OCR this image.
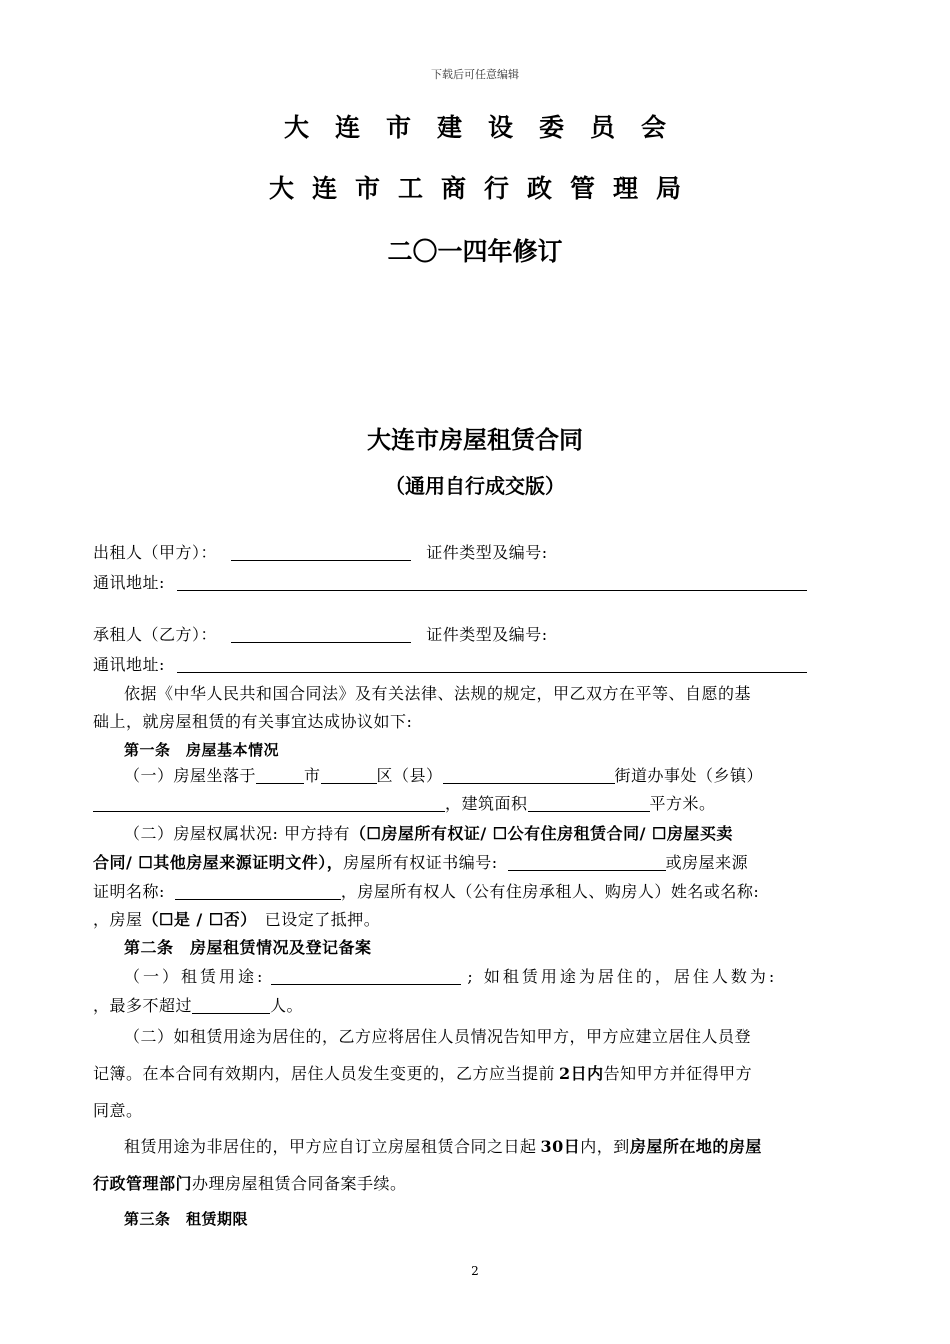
下载后可任意编辑
大连市建设委员会
大连市工商行政管理局
二〇一四年修订
大连市房屋租赁合同
（通用自行成交版）
出租人（甲方）：	证件类型及编号:
通讯地址:
承租人（乙方）：	证件类型及编号:
通讯地址:
依据《中华人民共和国合同法》及有关法律、法规的规定，甲乙双方在平等、自愿的基
础上，就房屋租赁的有关事宜达成协议如下:
第一条　房屋基本情况
（一）房屋坐落于	市	区（县）	街道办事处（乡镇）
，建筑面积	平方米。
（二）房屋权属状况: 甲方持有（☐房屋所有权证/ ☐公有住房租赁合同/ ☐房屋买卖
合同/ ☐其他房屋来源证明文件），房屋所有权证书编号:	或房屋来源
证明名称:	，房屋所有权人（公有住房承租人、购房人）姓名或名称:
，房屋（☐是 / ☐否） 已设定了抵押。
第二条　房屋租赁情况及登记备案
（一）租赁用途:	; 如租赁用途为居住的，居住人数为:
，最多不超过	人。
（二）如租赁用途为居住的，乙方应将居住人员情况告知甲方，甲方应建立居住人员登
记簿。在本合同有效期内，居住人员发生变更的，乙方应当提前 2日内告知甲方并征得甲方
同意。
租赁用途为非居住的，甲方应自订立房屋租赁合同之日起 30日内，到房屋所在地的房屋
行政管理部门办理房屋租赁合同备案手续。
第三条　租赁期限
2
